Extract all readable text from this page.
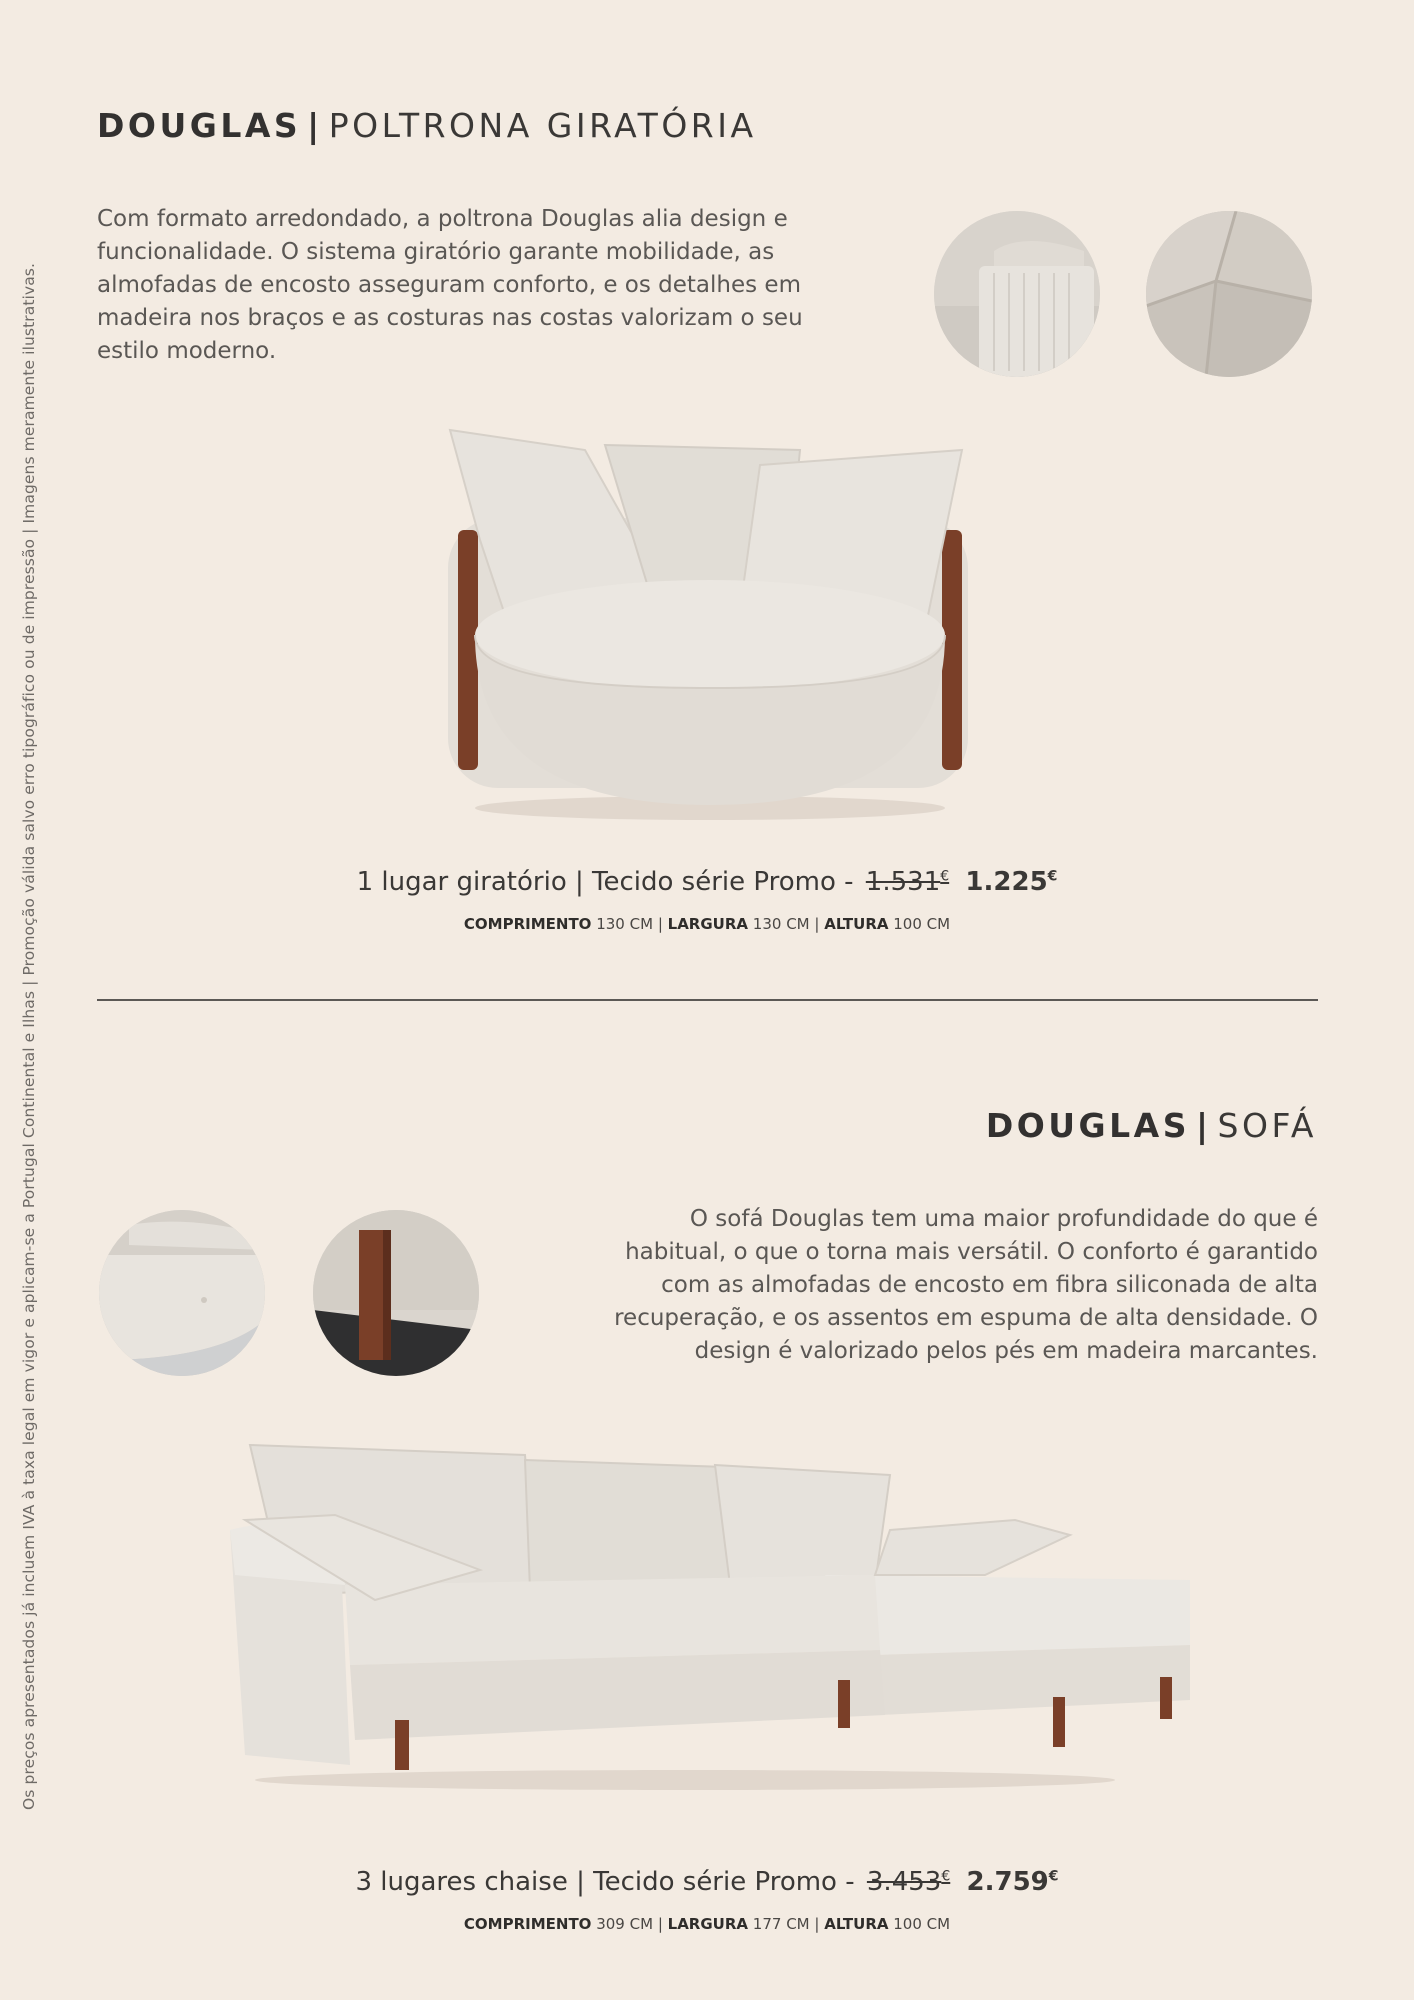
Os preços apresentados já incluem IVA à taxa legal em vigor e aplicam-se a Portugal Continental e Ilhas | Promoção válida salvo erro tipográfico ou de impressão | Imagens meramente ilustrativas.
DOUGLAS | POLTRONA GIRATÓRIA
Com formato arredondado, a poltrona Douglas alia design e funcionalidade. O sistema giratório garante mobilidade, as almofadas de encosto asseguram conforto, e os detalhes em madeira nos braços e as costuras nas costas valorizam o seu estilo moderno.
1 lugar giratório | Tecido série Promo - 1.531€ 1.225€
COMPRIMENTO 130 CM | LARGURA 130 CM | ALTURA 100 CM
DOUGLAS | SOFÁ
O sofá Douglas tem uma maior profundidade do que é habitual, o que o torna mais versátil. O conforto é garantido com as almofadas de encosto em fibra siliconada de alta recuperação, e os assentos em espuma de alta densidade. O design é valorizado pelos pés em madeira marcantes.
3 lugares chaise | Tecido série Promo - 3.453€ 2.759€
COMPRIMENTO 309 CM | LARGURA 177 CM | ALTURA 100 CM
